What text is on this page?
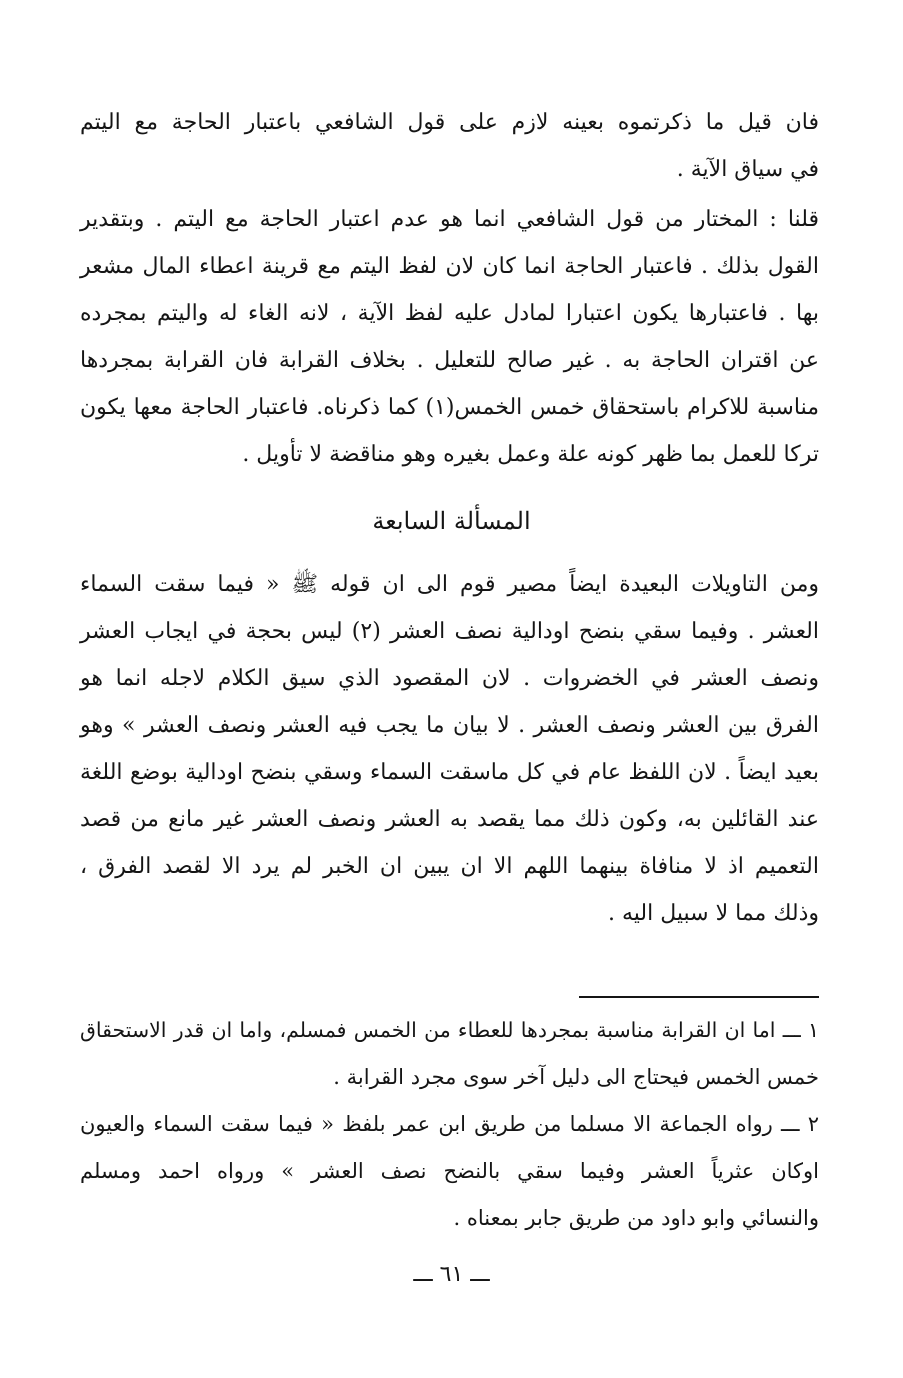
فان قيل ما ذكرتموه بعينه لازم على قول الشافعي باعتبار الحاجة مع اليتم
في سياق الآية .
قلنا : المختار من قول الشافعي انما هو عدم اعتبار الحاجة مع اليتم . وبتقدير
القول بذلك . فاعتبار الحاجة انما كان لان لفظ اليتم مع قرينة اعطاء المال مشعر
بها . فاعتبارها يكون اعتبارا لمادل عليه لفظ الآية ، لانه الغاء له واليتم بمجرده
عن اقتران الحاجة به . غير صالح للتعليل . بخلاف القرابة فان القرابة بمجردها
مناسبة للاكرام باستحقاق خمس الخمس(١) كما ذكرناه. فاعتبار الحاجة معها يكون
تركا للعمل بما ظهر كونه علة وعمل بغيره وهو مناقضة لا تأويل .
المسألة السابعة
ومن التاويلات البعيدة ايضاً مصير قوم الى ان قوله ﷺ « فيما سقت السماء
العشر . وفيما سقي بنضح اودالية نصف العشر (٢) ليس بحجة في ايجاب العشر
ونصف العشر في الخضروات . لان المقصود الذي سيق الكلام لاجله انما هو
الفرق بين العشر ونصف العشر . لا بيان ما يجب فيه العشر ونصف العشر » وهو
بعيد ايضاً . لان اللفظ عام في كل ماسقت السماء وسقي بنضح اودالية بوضع اللغة
عند القائلين به، وكون ذلك مما يقصد به العشر ونصف العشر غير مانع من قصد
التعميم اذ لا منافاة بينهما اللهم الا ان يبين ان الخبر لم يرد الا لقصد الفرق ،
وذلك مما لا سبيل اليه .
١ ـــ اما ان القرابة مناسبة بمجردها للعطاء من الخمس فمسلم، واما ان قدر الاستحقاق
خمس الخمس فيحتاج الى دليل آخر سوى مجرد القرابة .
٢ ـــ رواه الجماعة الا مسلما من طريق ابن عمر بلفظ « فيما سقت السماء والعيون
اوكان عثرياً العشر وفيما سقي بالنضح نصف العشر » ورواه احمد ومسلم
والنسائي وابو داود من طريق جابر بمعناه .
ـــ ٦١ ـــ
